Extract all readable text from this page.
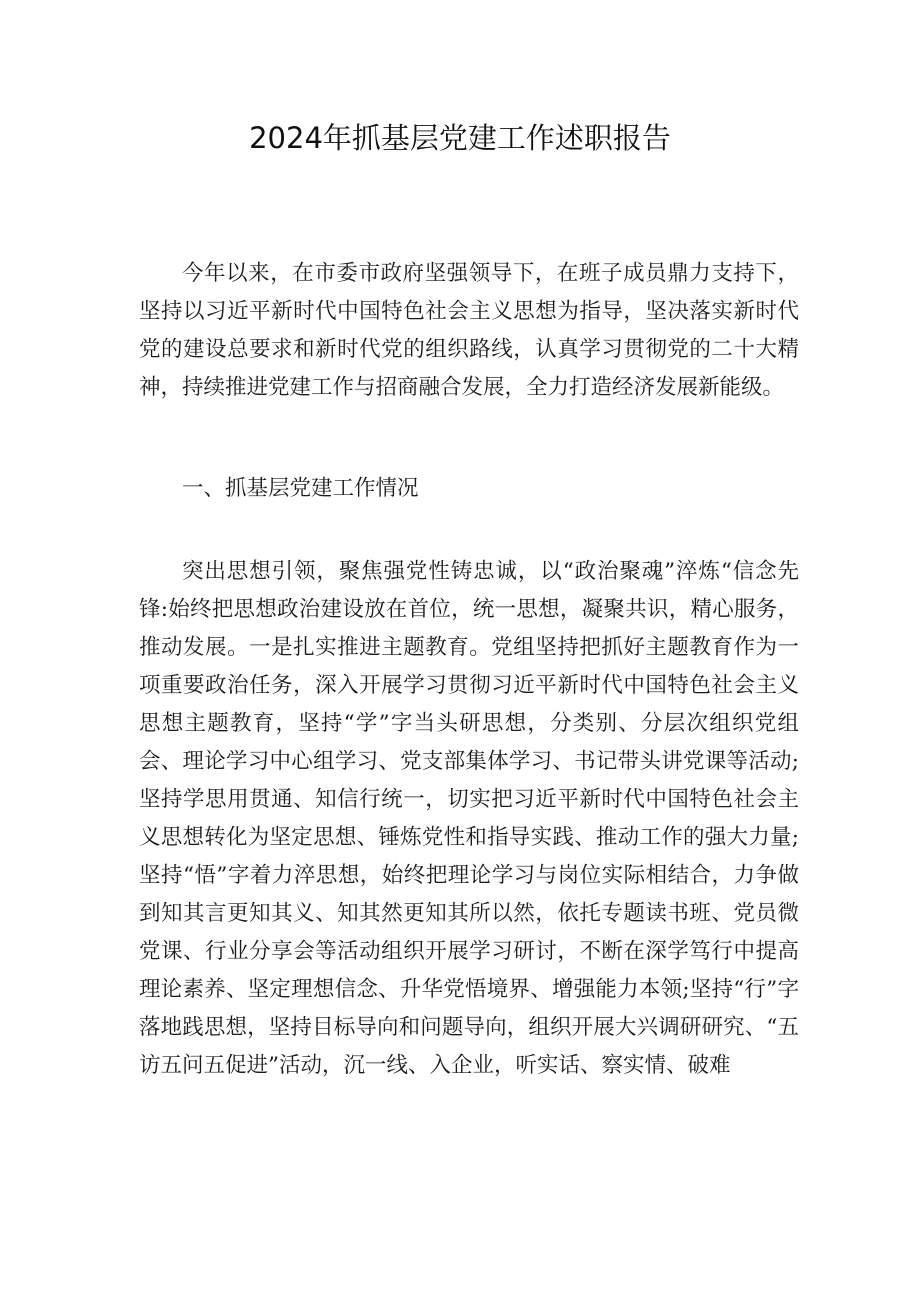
2024年抓基层党建工作述职报告

今年以来，在市委市政府坚强领导下，在班子成员鼎力支持下，坚持以习近平新时代中国特色社会主义思想为指导，坚决落实新时代党的建设总要求和新时代党的组织路线，认真学习贯彻党的二十大精神，持续推进党建工作与招商融合发展，全力打造经济发展新能级。

一、抓基层党建工作情况

突出思想引领，聚焦强党性铸忠诚，以“政治聚魂”淬炼“信念先锋:始终把思想政治建设放在首位，统一思想，凝聚共识，精心服务，推动发展。一是扎实推进主题教育。党组坚持把抓好主题教育作为一项重要政治任务，深入开展学习贯彻习近平新时代中国特色社会主义思想主题教育，坚持“学”字当头研思想，分类别、分层次组织党组会、理论学习中心组学习、党支部集体学习、书记带头讲党课等活动;坚持学思用贯通、知信行统一，切实把习近平新时代中国特色社会主义思想转化为坚定思想、锤炼党性和指导实践、推动工作的强大力量;坚持“悟”字着力淬思想，始终把理论学习与岗位实际相结合，力争做到知其言更知其义、知其然更知其所以然，依托专题读书班、党员微党课、行业分享会等活动组织开展学习研讨，不断在深学笃行中提高理论素养、坚定理想信念、升华党悟境界、增强能力本领;坚持“行”字落地践思想，坚持目标导向和问题导向，组织开展大兴调研研究、“五访五问五促进”活动，沉一线、入企业，听实话、察实情、破难
